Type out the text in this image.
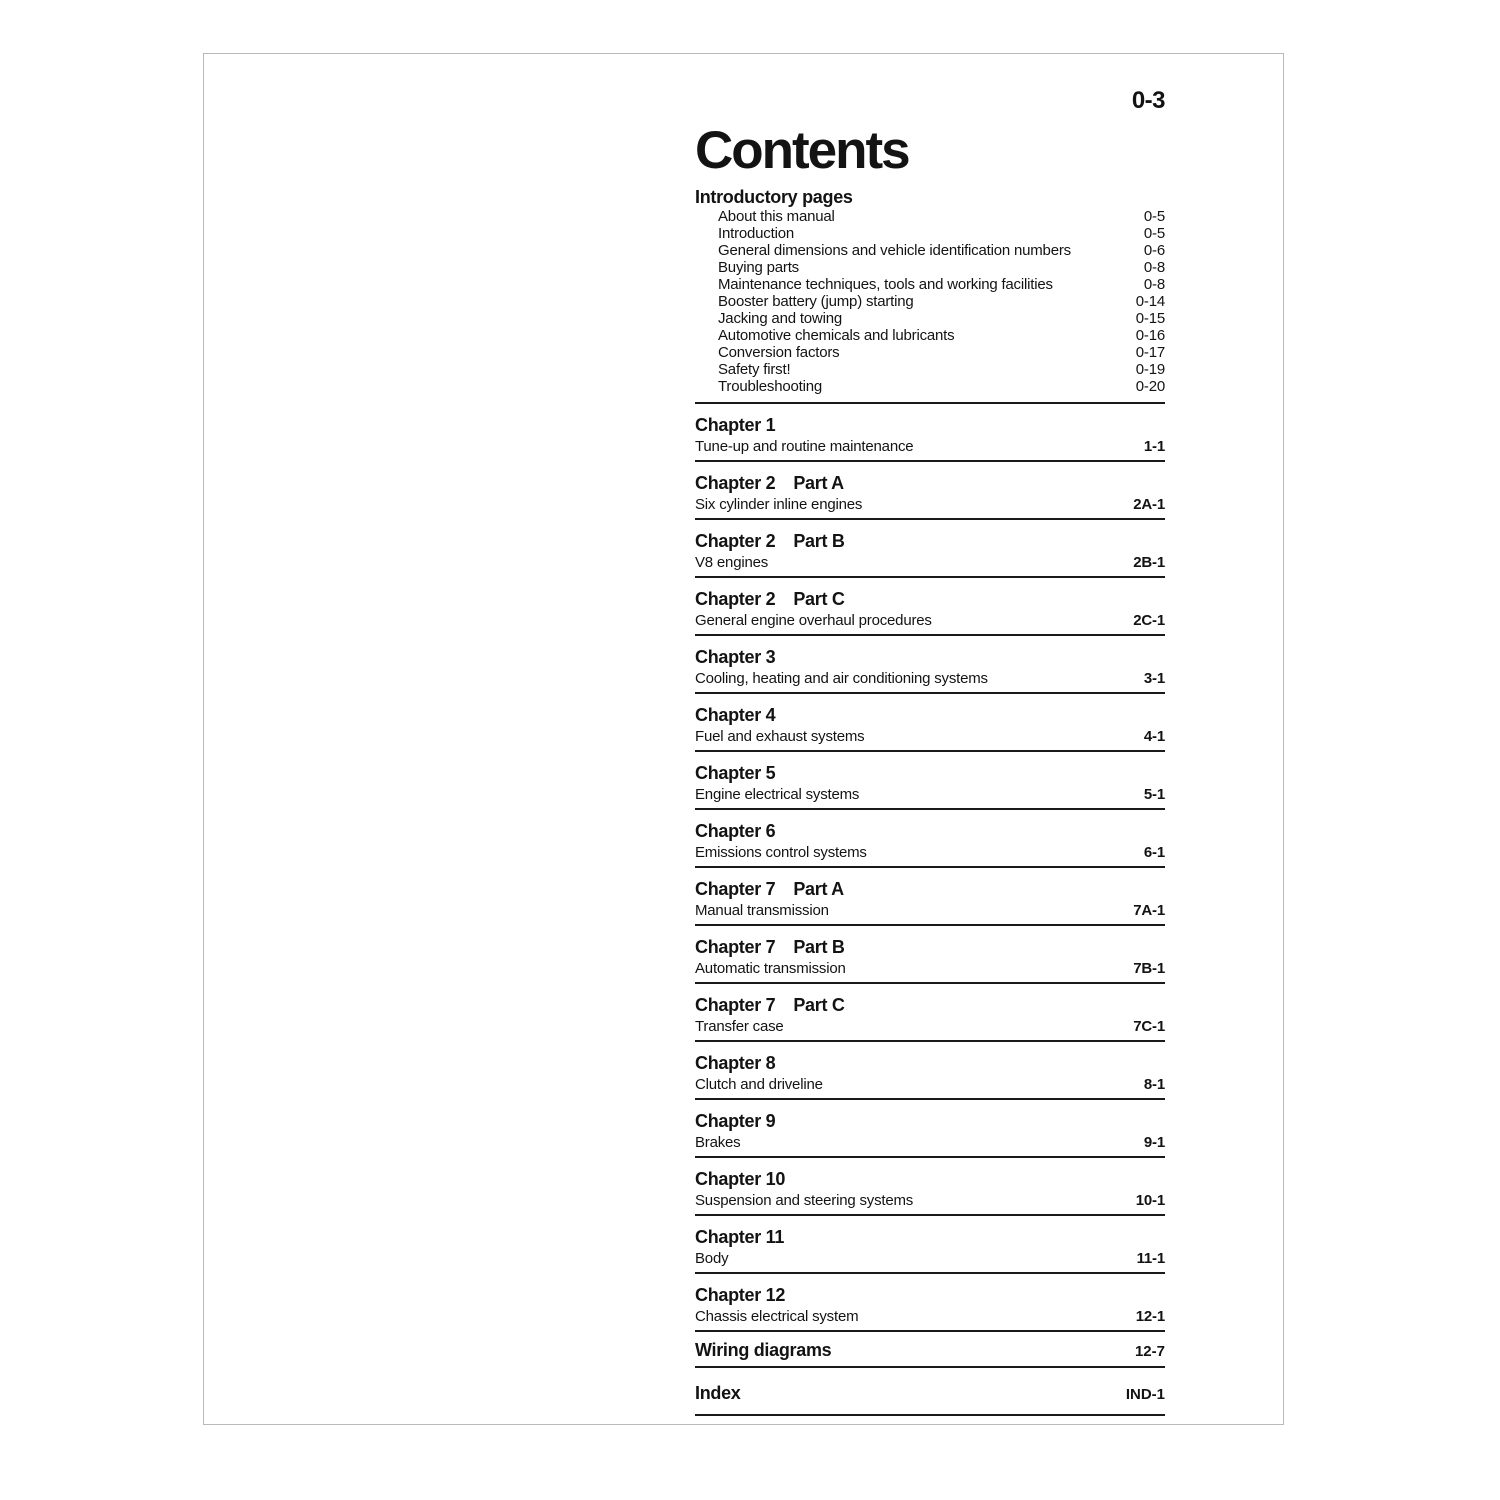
0-3
Contents
Introductory pages
About this manual	0-5
Introduction	0-5
General dimensions and vehicle identification numbers	0-6
Buying parts	0-8
Maintenance techniques, tools and working facilities	0-8
Booster battery (jump) starting	0-14
Jacking and towing	0-15
Automotive chemicals and lubricants	0-16
Conversion factors	0-17
Safety first!	0-19
Troubleshooting	0-20
Chapter 1
Tune-up and routine maintenance	1-1
Chapter 2 Part A
Six cylinder inline engines	2A-1
Chapter 2 Part B
V8 engines	2B-1
Chapter 2 Part C
General engine overhaul procedures	2C-1
Chapter 3
Cooling, heating and air conditioning systems	3-1
Chapter 4
Fuel and exhaust systems	4-1
Chapter 5
Engine electrical systems	5-1
Chapter 6
Emissions control systems	6-1
Chapter 7 Part A
Manual transmission	7A-1
Chapter 7 Part B
Automatic transmission	7B-1
Chapter 7 Part C
Transfer case	7C-1
Chapter 8
Clutch and driveline	8-1
Chapter 9
Brakes	9-1
Chapter 10
Suspension and steering systems	10-1
Chapter 11
Body	11-1
Chapter 12
Chassis electrical system	12-1
Wiring diagrams	12-7
Index	IND-1
